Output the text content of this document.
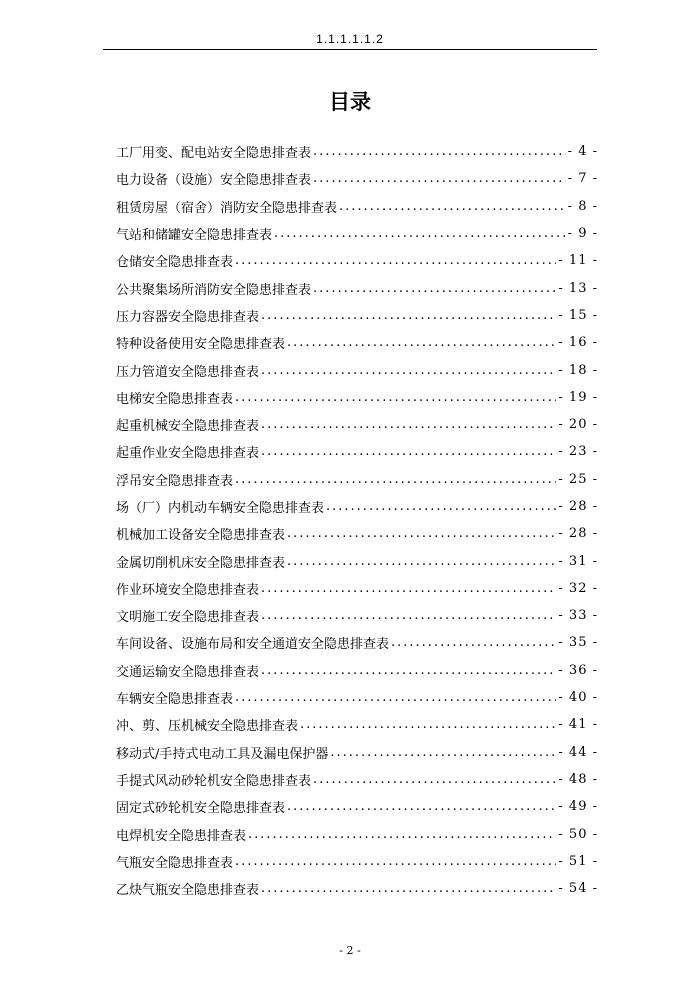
1.1.1.1.1.2
目录
工厂用变、配电站安全隐患排查表 .....	- 4 -
电力设备（设施）安全隐患排查表 .....	- 7 -
租赁房屋（宿舍）消防安全隐患排查表 .....	- 8 -
气站和储罐安全隐患排查表 .....	- 9 -
仓储安全隐患排查表 .....	- 11 -
公共聚集场所消防安全隐患排查表 .....	- 13 -
压力容器安全隐患排查表 .....	- 15 -
特种设备使用安全隐患排查表 .....	- 16 -
压力管道安全隐患排查表 .....	- 18 -
电梯安全隐患排查表 .....	- 19 -
起重机械安全隐患排查表 .....	- 20 -
起重作业安全隐患排查表 .....	- 23 -
浮吊安全隐患排查表 .....	- 25 -
场（厂）内机动车辆安全隐患排查表 .....	- 28 -
机械加工设备安全隐患排查表 .....	- 28 -
金属切削机床安全隐患排查表 .....	- 31 -
作业环境安全隐患排查表 .....	- 32 -
文明施工安全隐患排查表 .....	- 33 -
车间设备、设施布局和安全通道安全隐患排查表 .....	- 35 -
交通运输安全隐患排查表 .....	- 36 -
车辆安全隐患排查表 .....	- 40 -
冲、剪、压机械安全隐患排查表 .....	- 41 -
移动式/手持式电动工具及漏电保护器 .....	- 44 -
手提式风动砂轮机安全隐患排查表 .....	- 48 -
固定式砂轮机安全隐患排查表 .....	- 49 -
电焊机安全隐患排查表 .....	- 50 -
气瓶安全隐患排查表 .....	- 51 -
乙炔气瓶安全隐患排查表 .....	- 54 -
- 2 -
